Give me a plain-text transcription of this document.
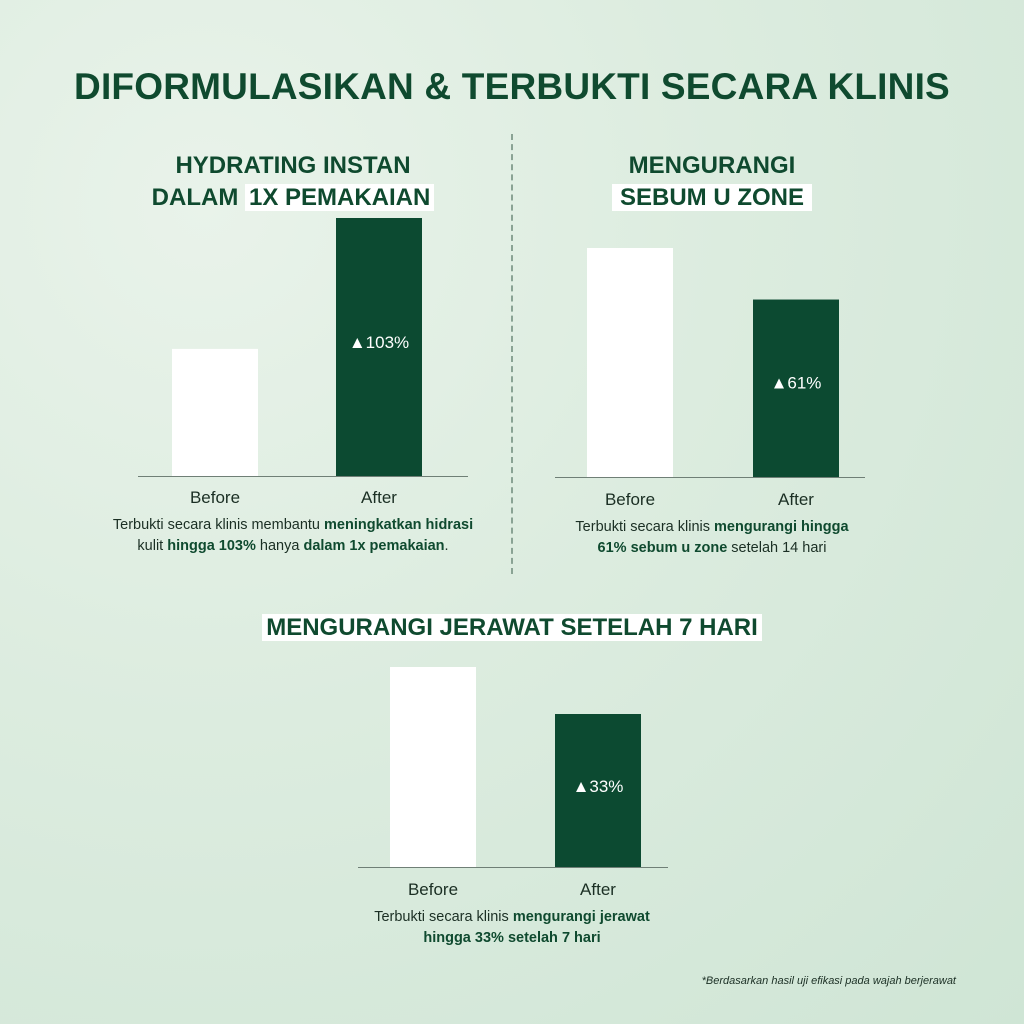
DIFORMULASIKAN & TERBUKTI SECARA KLINIS
HYDRATING INSTAN
DALAM 1X PEMAKAIAN
Before
▲103%
After
Terbukti secara klinis membantu meningkatkan hidrasi
kulit hingga 103% hanya dalam 1x pemakaian.
MENGURANGI
SEBUM U ZONE
Before
▲61%
After
Terbukti secara klinis mengurangi hingga
61% sebum u zone setelah 14 hari
MENGURANGI JERAWAT SETELAH 7 HARI
Before
▲33%
After
Terbukti secara klinis mengurangi jerawat
hingga 33% setelah 7 hari
*Berdasarkan hasil uji efikasi pada wajah berjerawat
